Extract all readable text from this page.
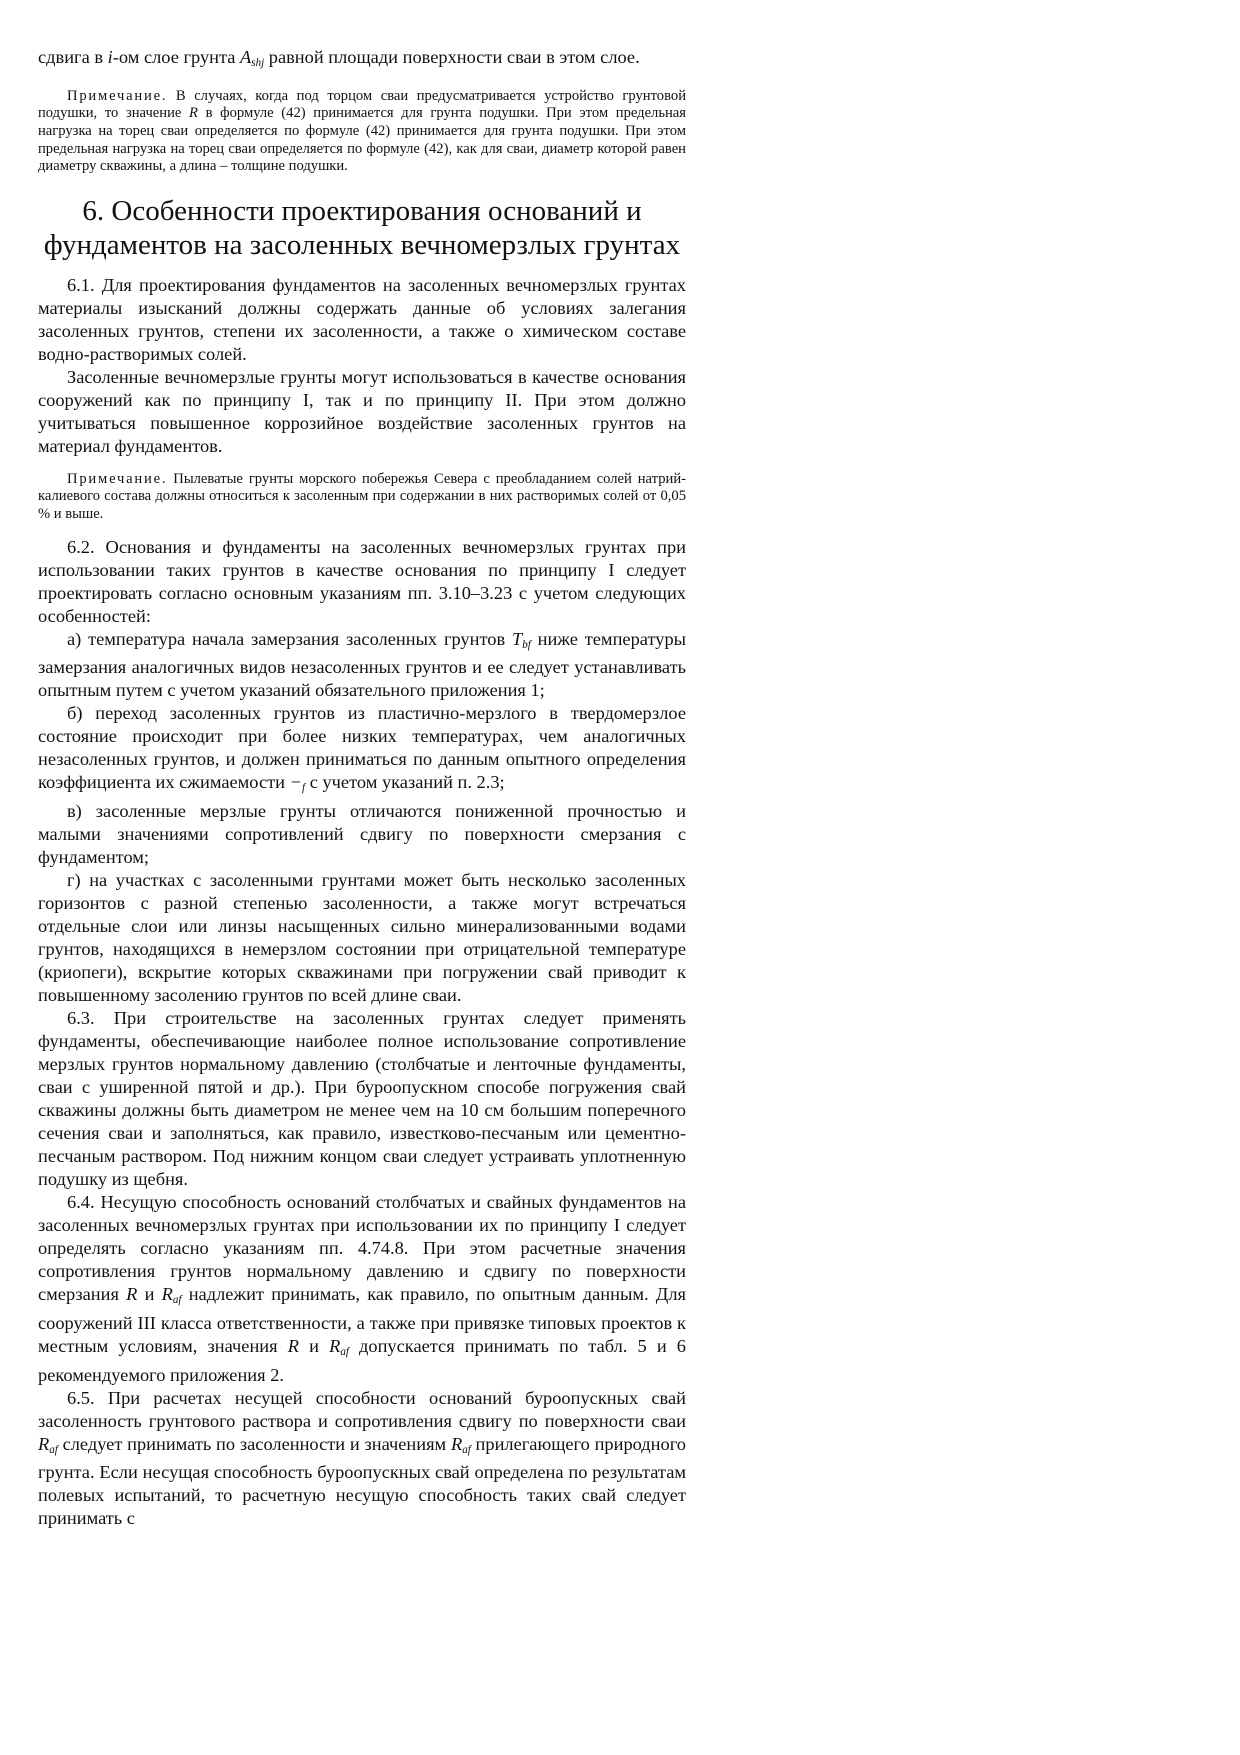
сдвига в i-ом слое грунта $A_{shj}$ равной площади поверхности сваи в этом слое.

Примечание. В случаях, когда под торцом сваи предусматривается устройство грунтовой подушки, то значение R в формуле (42) принимается для грунта подушки. При этом предельная нагрузка на торец сваи определяется по формуле (42) принимается для грунта подушки. При этом предельная нагрузка на торец сваи определяется по формуле (42), как для сваи, диаметр которой равен диаметру скважины, а длина – толщине подушки.

6. Особенности проектирования оснований и фундаментов на засоленных вечномерзлых грунтах

6.1. Для проектирования фундаментов на засоленных вечномерзлых грунтах материалы изысканий должны содержать данные об условиях залегания засоленных грунтов, степени их засоленности, а также о химическом составе водно-растворимых солей.

Засоленные вечномерзлые грунты могут использоваться в качестве основания сооружений как по принципу I, так и по принципу II. При этом должно учитываться повышенное коррозийное воздействие засоленных грунтов на материал фундаментов.

Примечание. Пылеватые грунты морского побережья Севера с преобладанием солей натрий-калиевого состава должны относиться к засоленным при содержании в них растворимых солей от 0,05 % и выше.

6.2. Основания и фундаменты на засоленных вечномерзлых грунтах при использовании таких грунтов в качестве основания по принципу I следует проектировать согласно основным указаниям пп. 3.10–3.23 с учетом следующих особенностей:

а) температура начала замерзания засоленных грунтов $T_{bf}$ ниже температуры замерзания аналогичных видов незасоленных грунтов и ее следует устанавливать опытным путем с учетом указаний обязательного приложения 1;

б) переход засоленных грунтов из пластично-мерзлого в твердомерзлое состояние происходит при более низких температурах, чем аналогичных незасоленных грунтов, и должен приниматься по данным опытного определения коэффициента их сжимаемости $-_f$ с учетом указаний п. 2.3;

в) засоленные мерзлые грунты отличаются пониженной прочностью и малыми значениями сопротивлений сдвигу по поверхности смерзания с фундаментом;

г) на участках с засоленными грунтами может быть несколько засоленных горизонтов с разной степенью засоленности, а также могут встречаться отдельные слои или линзы насыщенных сильно минерализованными водами грунтов, находящихся в немерзлом состоянии при отрицательной температуре (криопеги), вскрытие которых скважинами при погружении свай приводит к повышенному засолению грунтов по всей длине сваи.

6.3. При строительстве на засоленных грунтах следует применять фундаменты, обеспечивающие наиболее полное использование сопротивление мерзлых грунтов нормальному давлению (столбчатые и ленточные фундаменты, сваи с уширенной пятой и др.). При буроопускном способе погружения свай скважины должны быть диаметром не менее чем на 10 см большим поперечного сечения сваи и заполняться, как правило, известково-песчаным или цементно-песчаным раствором. Под нижним концом сваи следует устраивать уплотненную подушку из щебня.

6.4. Несущую способность оснований столбчатых и свайных фундаментов на засоленных вечномерзлых грунтах при использовании их по принципу I следует определять согласно указаниям пп. 4.74.8. При этом расчетные значения сопротивления грунтов нормальному давлению и сдвигу по поверхности смерзания R и $R_{af}$ надлежит принимать, как правило, по опытным данным. Для сооружений III класса ответственности, а также при привязке типовых проектов к местным условиям, значения R и $R_{af}$ допускается принимать по табл. 5 и 6 рекомендуемого приложения 2.

6.5. При расчетах несущей способности оснований буроопускных свай засоленность грунтового раствора и сопротивления сдвигу по поверхности сваи $R_{af}$ следует принимать по засоленности и значениям $R_{af}$ прилегающего природного грунта. Если несущая способность буроопускных свай определена по результатам полевых испытаний, то расчетную несущую способность таких свай следует принимать с
